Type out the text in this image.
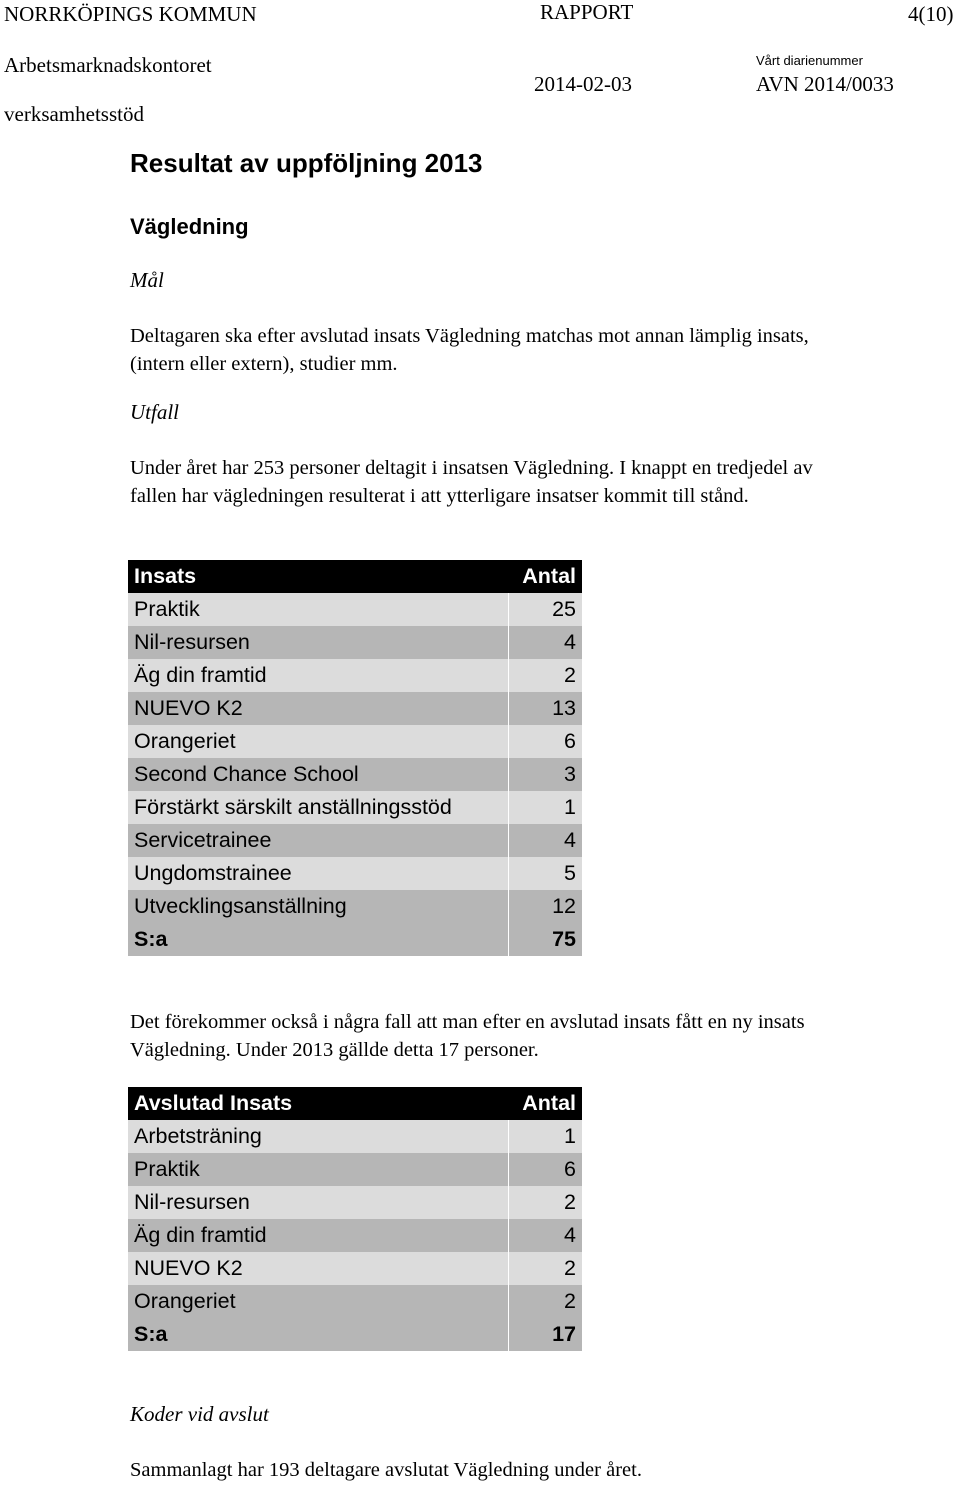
NORRKÖPINGS KOMMUN	RAPPORT	4(10)
Arbetsmarknadskontoret	Vårt diarienummer
2014-02-03	AVN 2014/0033
verksamhetsstöd
Resultat av uppföljning 2013
Vägledning
Mål
Deltagaren ska efter avslutad insats Vägledning matchas mot annan lämplig insats, (intern eller extern), studier mm.
Utfall
Under året har 253 personer deltagit i insatsen Vägledning. I knappt en tredjedel av fallen har vägledningen resulterat i att ytterligare insatser kommit till stånd.
Insats	Antal
Praktik	25
Nil-resursen	4
Äg din framtid	2
NUEVO K2	13
Orangeriet	6
Second Chance School	3
Förstärkt särskilt anställningsstöd	1
Servicetrainee	4
Ungdomstrainee	5
Utvecklingsanställning	12
S:a	75
Det förekommer också i några fall att man efter en avslutad insats fått en ny insats Vägledning. Under 2013 gällde detta 17 personer.
Avslutad Insats	Antal
Arbetsträning	1
Praktik	6
Nil-resursen	2
Äg din framtid	4
NUEVO K2	2
Orangeriet	2
S:a	17
Koder vid avslut
Sammanlagt har 193 deltagare avslutat Vägledning under året.
